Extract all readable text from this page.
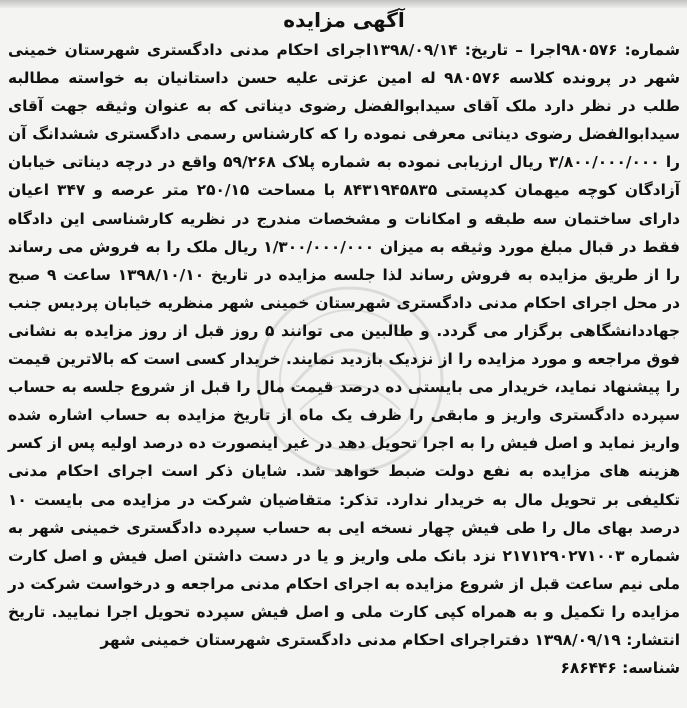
آگهی مزایده

شماره: ۹۸۰۵۷۶اجرا – تاریخ: ۱۳۹۸/۰۹/۱۴اجرای احکام مدنی دادگستری شهرستان خمینی شهر در پرونده کلاسه ۹۸۰۵۷۶ له امین عزتی علیه حسن داستانیان به خواسته مطالبه طلب در نظر دارد ملک آقای سیدابوالفضل رضوی دیناتی که به عنوان وثیقه جهت آقای سیدابوالفضل رضوی دیناتی معرفی نموده را که کارشناس رسمی دادگستری ششدانگ آن را ۳/۸۰۰/۰۰۰/۰۰۰ ریال ارزیابی نموده به شماره پلاک ۵۹/۲۶۸ واقع در درچه دیناتی خیابان آزادگان کوچه میهمان کدپستی ۸۴۳۱۹۴۵۸۳۵ با مساحت ۲۵۰/۱۵ متر عرصه و ۳۴۷ اعیان دارای ساختمان سه طبقه و امکانات و مشخصات مندرج در نظریه کارشناسی این دادگاه فقط در قبال مبلغ مورد وثیقه به میزان ۱/۳۰۰/۰۰۰/۰۰۰ ریال ملک را به فروش می رساند را از طریق مزایده به فروش رساند لذا جلسه مزایده در تاریخ ۱۳۹۸/۱۰/۱۰ ساعت ۹ صبح در محل اجرای احکام مدنی دادگستری شهرستان خمینی شهر منظریه خیابان پردیس جنب جهاددانشگاهی برگزار می گردد. و طالبین می توانند ۵ روز قبل از روز مزایده به نشانی فوق مراجعه و مورد مزایده را از نزدیک بازدید نمایند. خریدار کسی است که بالاترین قیمت را پیشنهاد نماید، خریدار می بایستی ده درصد قیمت مال را قبل از شروع جلسه به حساب سپرده دادگستری واریز و مابقی را ظرف یک ماه از تاریخ مزایده به حساب اشاره شده واریز نماید و اصل فیش را به اجرا تحویل دهد در غیر اینصورت ده درصد اولیه پس از کسر هزینه های مزایده به نفع دولت ضبط خواهد شد. شایان ذکر است اجرای احکام مدنی تکلیفی بر تحویل مال به خریدار ندارد. تذکر: متقاضیان شرکت در مزایده می بایست ۱۰ درصد بهای مال را طی فیش چهار نسخه ایی به حساب سپرده دادگستری خمینی شهر به شماره ۲۱۷۱۲۹۰۲۷۱۰۰۳ نزد بانک ملی واریز و یا در دست داشتن اصل فیش و اصل کارت ملی نیم ساعت قبل از شروع مزایده به اجرای احکام مدنی مراجعه و درخواست شرکت در مزایده را تکمیل و به همراه کپی کارت ملی و اصل فیش سپرده تحویل اجرا نمایید. تاریخ انتشار: ۱۳۹۸/۰۹/۱۹ دفتراجرای احکام مدنی دادگستری شهرستان خمینی شهر

شناسه: ۶۸۶۴۴۶
